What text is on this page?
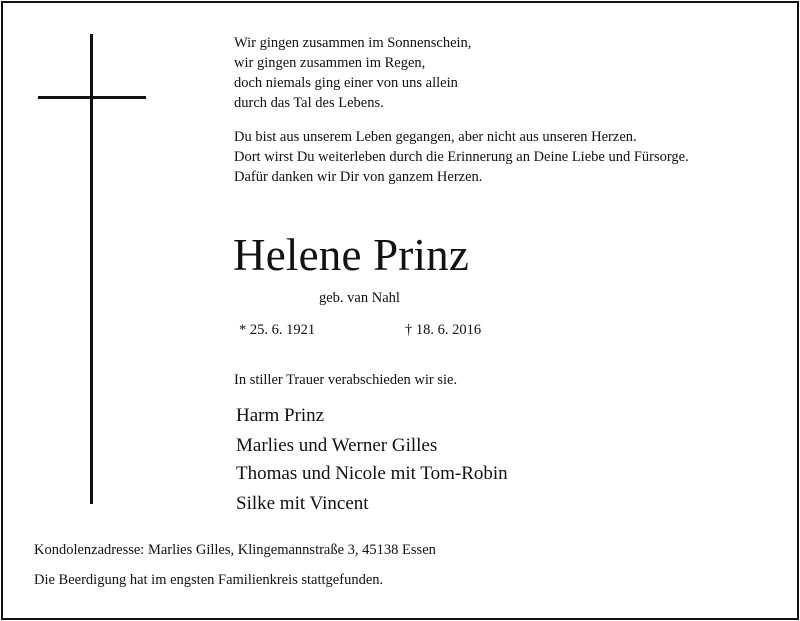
Wir gingen zusammen im Sonnenschein,
wir gingen zusammen im Regen,
doch niemals ging einer von uns allein
durch das Tal des Lebens.
Du bist aus unserem Leben gegangen, aber nicht aus unseren Herzen.
Dort wirst Du weiterleben durch die Erinnerung an Deine Liebe und Fürsorge.
Dafür danken wir Dir von ganzem Herzen.
Helene Prinz
geb. van Nahl
* 25. 6. 1921	† 18. 6. 2016
In stiller Trauer verabschieden wir sie.
Harm Prinz
Marlies und Werner Gilles
Thomas und Nicole mit Tom-Robin
Silke mit Vincent
Kondolenzadresse: Marlies Gilles, Klingemannstraße 3, 45138 Essen
Die Beerdigung hat im engsten Familienkreis stattgefunden.
